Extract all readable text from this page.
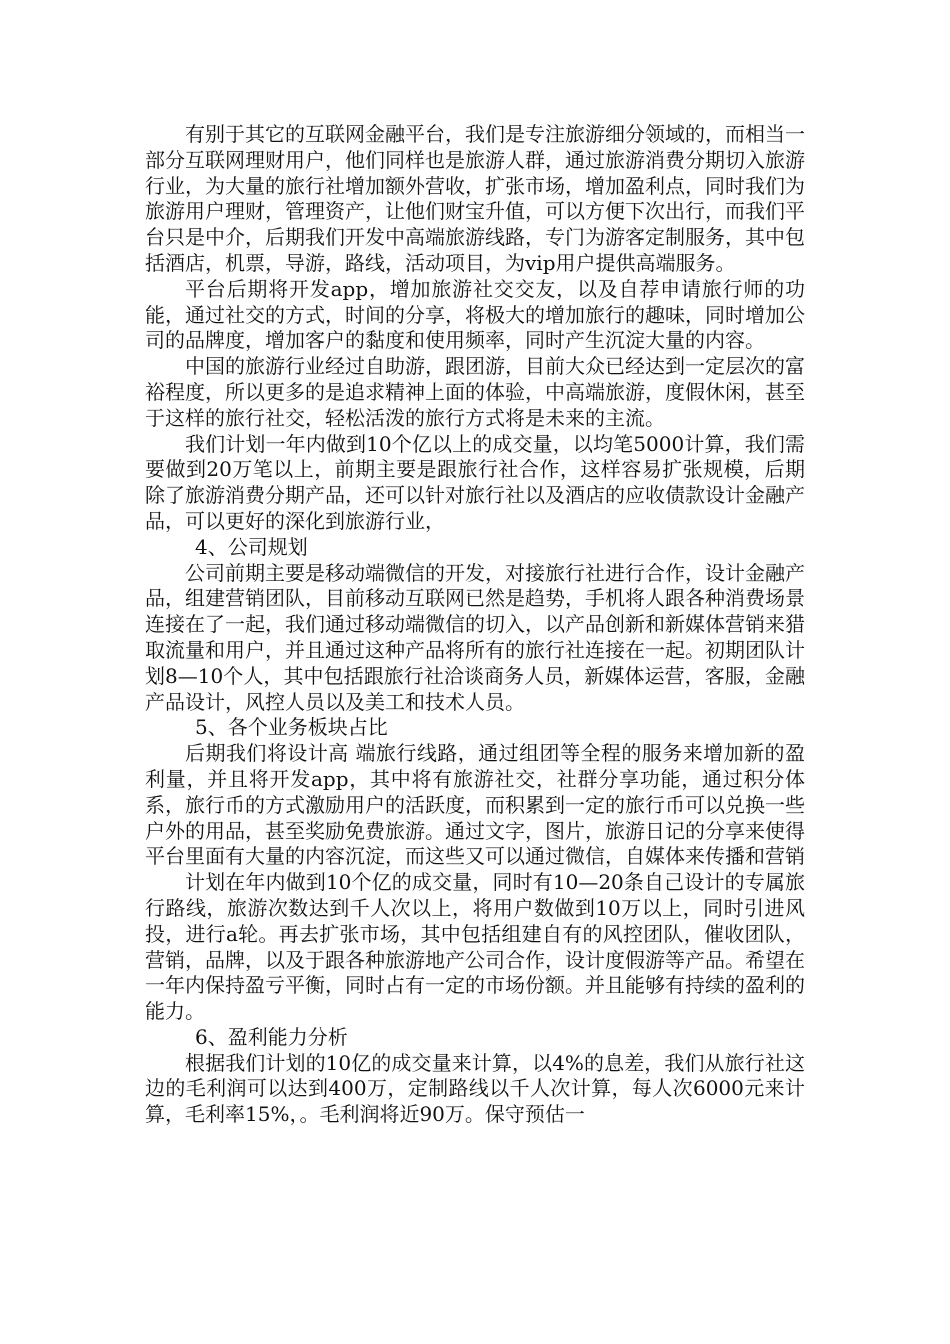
有别于其它的互联网金融平台，我们是专注旅游细分领域的，而相当一部分互联网理财用户，他们同样也是旅游人群，通过旅游消费分期切入旅游行业，为大量的旅行社增加额外营收，扩张市场，增加盈利点，同时我们为旅游用户理财，管理资产，让他们财宝升值，可以方便下次出行，而我们平台只是中介，后期我们开发中高端旅游线路，专门为游客定制服务，其中包括酒店，机票，导游，路线，活动项目，为vip用户提供高端服务。

平台后期将开发app，增加旅游社交交友，以及自荐申请旅行师的功能，通过社交的方式，时间的分享，将极大的增加旅行的趣味，同时增加公司的品牌度，增加客户的黏度和使用频率，同时产生沉淀大量的内容。

中国的旅游行业经过自助游，跟团游，目前大众已经达到一定层次的富裕程度，所以更多的是追求精神上面的体验，中高端旅游，度假休闲，甚至于这样的旅行社交，轻松活泼的旅行方式将是未来的主流。

我们计划一年内做到10个亿以上的成交量，以均笔5000计算，我们需要做到20万笔以上，前期主要是跟旅行社合作，这样容易扩张规模，后期除了旅游消费分期产品，还可以针对旅行社以及酒店的应收债款设计金融产品，可以更好的深化到旅游行业，

4、公司规划

公司前期主要是移动端微信的开发，对接旅行社进行合作，设计金融产品，组建营销团队，目前移动互联网已然是趋势，手机将人跟各种消费场景连接在了一起，我们通过移动端微信的切入，以产品创新和新媒体营销来猎取流量和用户，并且通过这种产品将所有的旅行社连接在一起。初期团队计划8—10个人，其中包括跟旅行社洽谈商务人员，新媒体运营，客服，金融产品设计，风控人员以及美工和技术人员。

5、各个业务板块占比

后期我们将设计高 端旅行线路，通过组团等全程的服务来增加新的盈利量，并且将开发app，其中将有旅游社交，社群分享功能，通过积分体系，旅行币的方式激励用户的活跃度，而积累到一定的旅行币可以兑换一些户外的用品，甚至奖励免费旅游。通过文字，图片，旅游日记的分享来使得平台里面有大量的内容沉淀，而这些又可以通过微信，自媒体来传播和营销

计划在年内做到10个亿的成交量，同时有10—20条自己设计的专属旅行路线，旅游次数达到千人次以上，将用户数做到10万以上，同时引进风投，进行a轮。再去扩张市场，其中包括组建自有的风控团队，催收团队，营销，品牌，以及于跟各种旅游地产公司合作，设计度假游等产品。希望在一年内保持盈亏平衡，同时占有一定的市场份额。并且能够有持续的盈利的能力。

6、盈利能力分析

根据我们计划的10亿的成交量来计算，以4%的息差，我们从旅行社这边的毛利润可以达到400万，定制路线以千人次计算，每人次6000元来计算，毛利率15%，。毛利润将近90万。保守预估一
